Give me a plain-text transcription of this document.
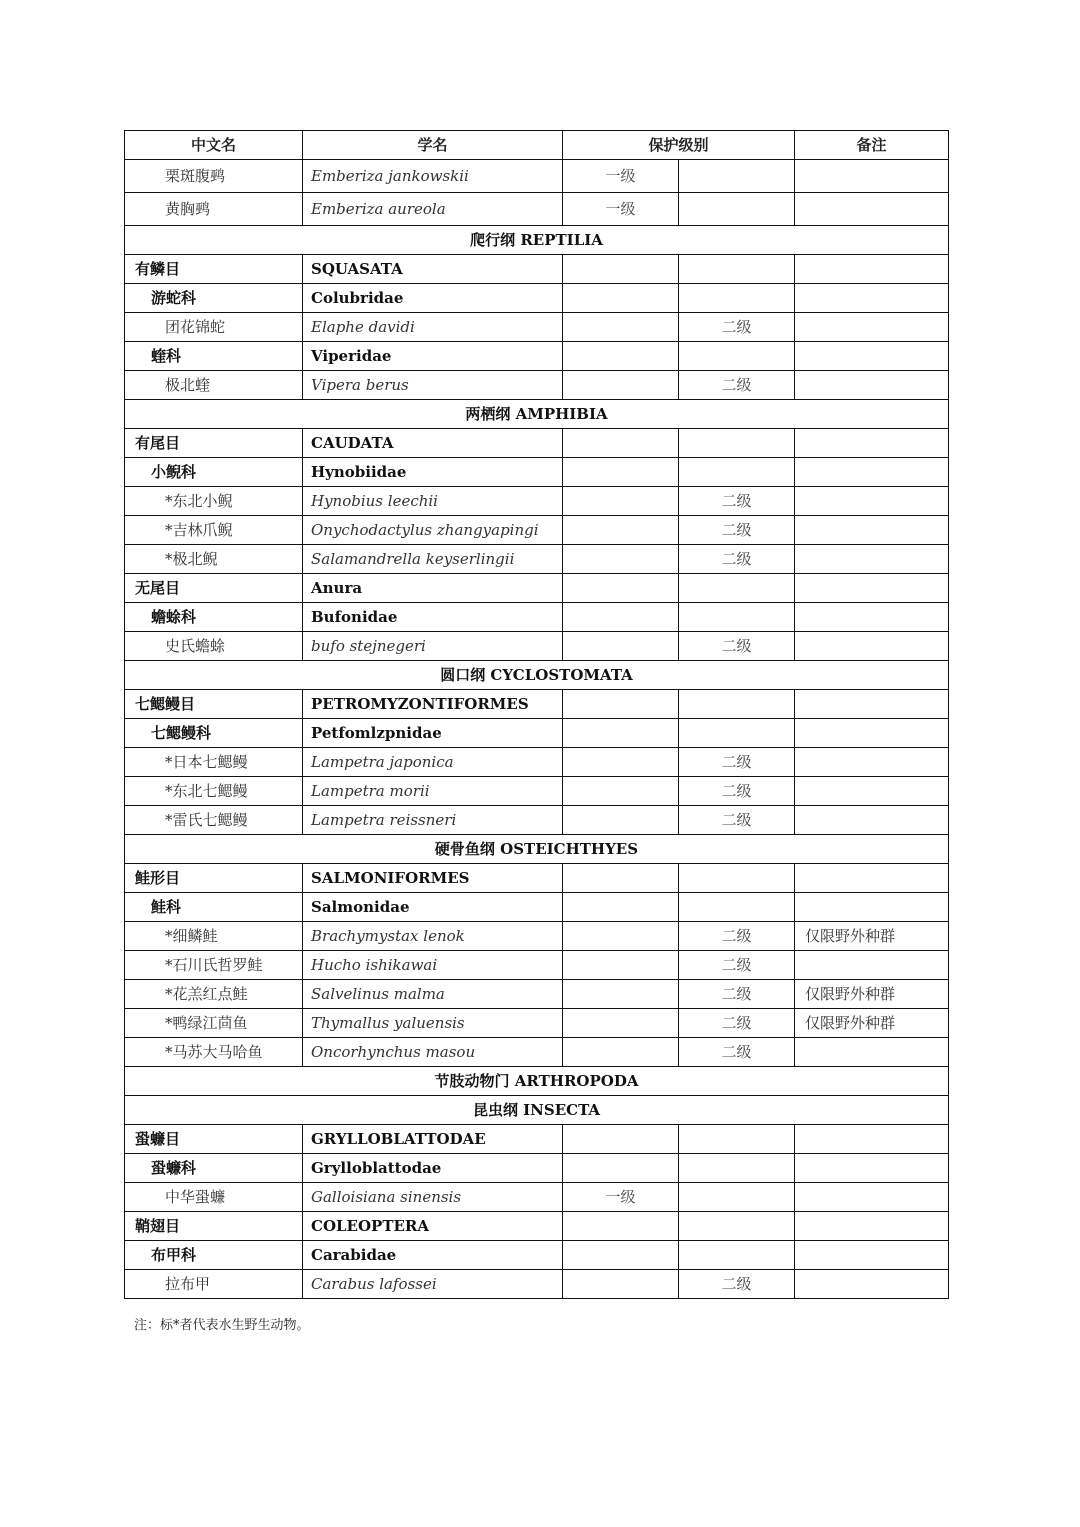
中文名	学名	保护级别		备注
栗斑腹鹀	Emberiza jankowskii	一级		
黄胸鹀	Emberiza aureola	一级		
爬行纲 REPTILIA				
有鳞目	SQUASATA			
游蛇科	Colubridae			
团花锦蛇	Elaphe davidi		二级	
蝰科	Viperidae			
极北蝰	Vipera berus		二级	
两栖纲 AMPHIBIA				
有尾目	CAUDATA			
小鲵科	Hynobiidae			
*东北小鲵	Hynobius leechii		二级	
*吉林爪鲵	Onychodactylus zhangyapingi		二级	
*极北鲵	Salamandrella keyserlingii		二级	
无尾目	Anura			
蟾蜍科	Bufonidae			
史氏蟾蜍	bufo stejnegeri		二级	
圆口纲 CYCLOSTOMATA				
七鳃鳗目	PETROMYZONTIFORMES			
七鳃鳗科	Petfomlzpnidae			
*日本七鳃鳗	Lampetra japonica		二级	
*东北七鳃鳗	Lampetra morii		二级	
*雷氏七鳃鳗	Lampetra reissneri		二级	
硬骨鱼纲 OSTEICHTHYES				
鲑形目	SALMONIFORMES			
鲑科	Salmonidae			
*细鳞鲑	Brachymystax lenok		二级	仅限野外种群
*石川氏哲罗鲑	Hucho ishikawai		二级	
*花羔红点鲑	Salvelinus malma		二级	仅限野外种群
*鸭绿江茴鱼	Thymallus yaluensis		二级	仅限野外种群
*马苏大马哈鱼	Oncorhynchus masou		二级	
节肢动物门 ARTHROPODA				
昆虫纲 INSECTA				
蛩蠊目	GRYLLOBLATTODAE			
蛩蠊科	Grylloblattodae			
中华蛩蠊	Galloisiana sinensis	一级		
鞘翅目	COLEOPTERA			
布甲科	Carabidae			
拉布甲	Carabus lafossei		二级	
注：标*者代表水生野生动物。
